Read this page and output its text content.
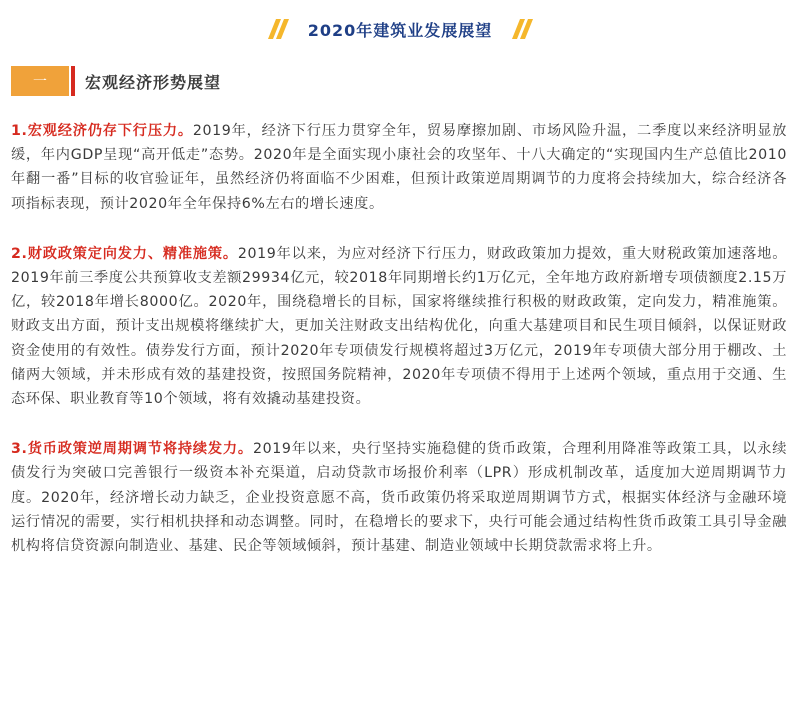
2020年建筑业发展展望
一	宏观经济形势展望

1.宏观经济仍存下行压力。2019年，经济下行压力贯穿全年，贸易摩擦加剧、市场风险升温，二季度以来经济明显放缓，年内GDP呈现“高开低走”态势。2020年是全面实现小康社会的攻坚年、十八大确定的“实现国内生产总值比2010年翻一番”目标的收官验证年，虽然经济仍将面临不少困难，但预计政策逆周期调节的力度将会持续加大，综合经济各项指标表现，预计2020年全年保持6%左右的增长速度。

2.财政政策定向发力、精准施策。2019年以来，为应对经济下行压力，财政政策加力提效，重大财税政策加速落地。2019年前三季度公共预算收支差额29934亿元，较2018年同期增长约1万亿元，全年地方政府新增专项债额度2.15万亿，较2018年增长8000亿。2020年，围绕稳增长的目标，国家将继续推行积极的财政政策，定向发力，精准施策。财政支出方面，预计支出规模将继续扩大，更加关注财政支出结构优化，向重大基建项目和民生项目倾斜，以保证财政资金使用的有效性。债券发行方面，预计2020年专项债发行规模将超过3万亿元，2019年专项债大部分用于棚改、土储两大领域，并未形成有效的基建投资，按照国务院精神，2020年专项债不得用于上述两个领域，重点用于交通、生态环保、职业教育等10个领域，将有效撬动基建投资。

3.货币政策逆周期调节将持续发力。2019年以来，央行坚持实施稳健的货币政策，合理利用降准等政策工具，以永续债发行为突破口完善银行一级资本补充渠道，启动贷款市场报价利率（LPR）形成机制改革，适度加大逆周期调节力度。2020年，经济增长动力缺乏，企业投资意愿不高，货币政策仍将采取逆周期调节方式，根据实体经济与金融环境运行情况的需要，实行相机抉择和动态调整。同时，在稳增长的要求下，央行可能会通过结构性货币政策工具引导金融机构将信贷资源向制造业、基建、民企等领域倾斜，预计基建、制造业领域中长期贷款需求将上升。
